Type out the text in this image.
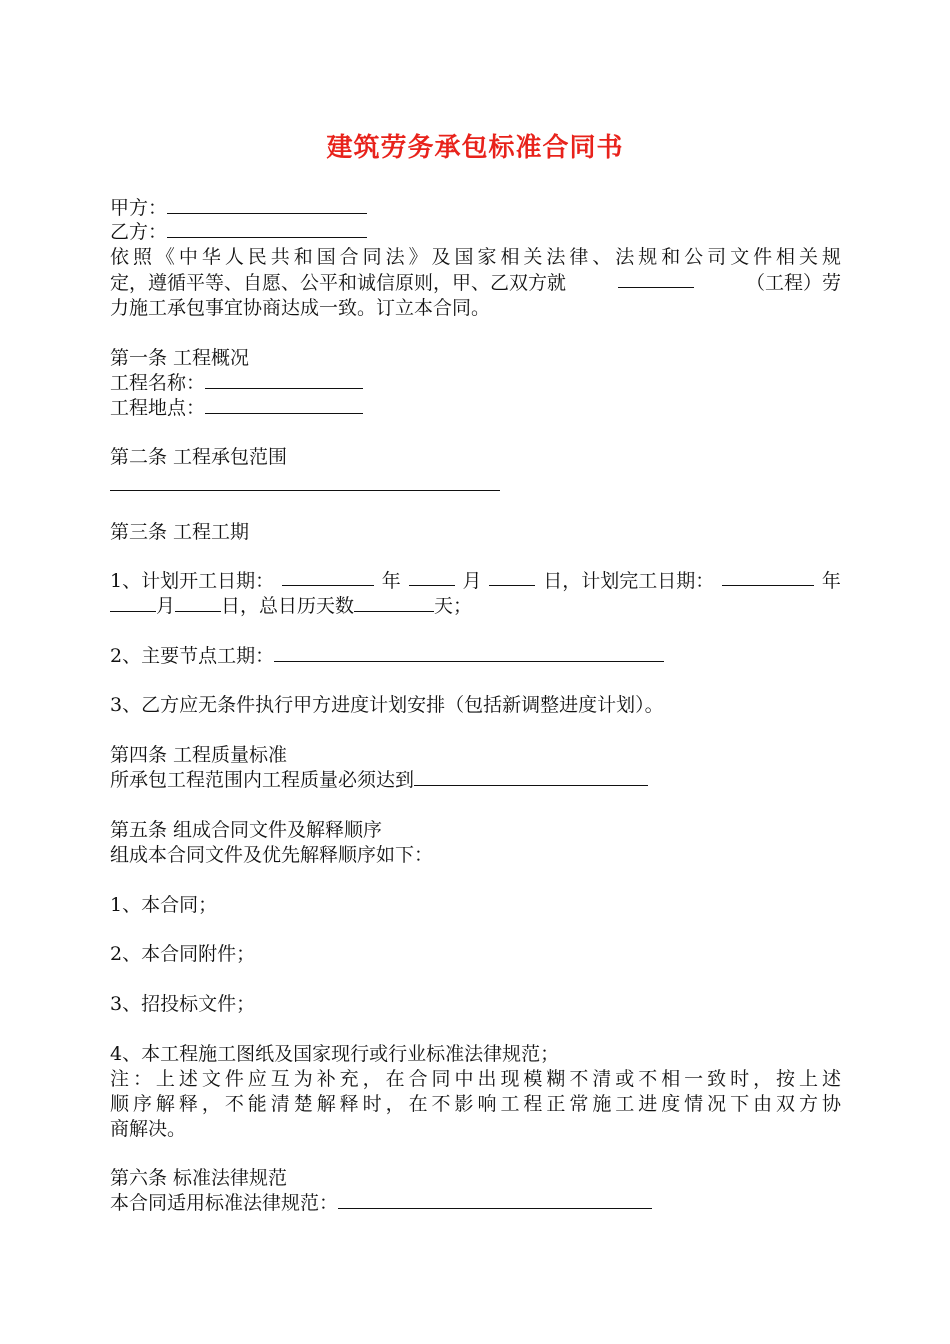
建筑劳务承包标准合同书
甲方：
乙方：
依照《中华人民共和国合同法》及国家相关法律、法规和公司文件相关规
定，遵循平等、自愿、公平和诚信原则，甲、乙双方就	（工程）劳
力施工承包事宜协商达成一致。订立本合同。
第一条 工程概况
工程名称：
工程地点：
第二条 工程承包范围
第三条 工程工期
1、计划开工日期：	年	月	日，计划完工日期：	年
月 日，总日历天数	天；
2、主要节点工期：
3、乙方应无条件执行甲方进度计划安排（包括新调整进度计划）。
第四条 工程质量标准
所承包工程范围内工程质量必须达到
第五条 组成合同文件及解释顺序
组成本合同文件及优先解释顺序如下：
1、本合同；
2、本合同附件；
3、招投标文件；
4、本工程施工图纸及国家现行或行业标准法律规范；
注：上述文件应互为补充，在合同中出现模糊不清或不相一致时，按上述
顺序解释，不能清楚解释时，在不影响工程正常施工进度情况下由双方协
商解决。
第六条 标准法律规范
本合同适用标准法律规范：
